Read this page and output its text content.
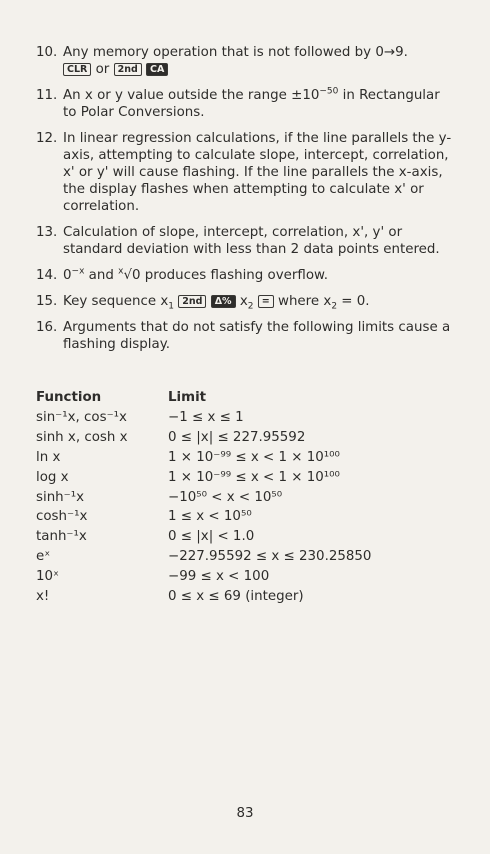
10. Any memory operation that is not followed by 0→9.
CLR or 2nd CA
11. An x or y value outside the range $\pm 10^{-50}$ in Rectangular to Polar Conversions.
12. In linear regression calculations, if the line parallels the y-axis, attempting to calculate slope, intercept, correlation, x' or y' will cause flashing. If the line parallels the x-axis, the display flashes when attempting to calculate x' or correlation.
13. Calculation of slope, intercept, correlation, x', y' or standard deviation with less than 2 data points entered.
14. $0^{-x}$ and $^x$√0 produces flashing overflow.
15. Key sequence $x_1$ 2nd Δ% $x_2$ = where $x_2 = 0$.
16. Arguments that do not satisfy the following limits cause a flashing display.
Function	Limit
sin⁻¹x, cos⁻¹x	−1 ≤ x ≤ 1
sinh x, cosh x	0 ≤ |x| ≤ 227.95592
ln x	1 × 10⁻⁹⁹ ≤ x < 1 × 10¹⁰⁰
log x	1 × 10⁻⁹⁹ ≤ x < 1 × 10¹⁰⁰
sinh⁻¹x	−10⁵⁰ < x < 10⁵⁰
cosh⁻¹x	1 ≤ x < 10⁵⁰
tanh⁻¹x	0 ≤ |x| < 1.0
eˣ	−227.95592 ≤ x ≤ 230.25850
10ˣ	−99 ≤ x < 100
x!	0 ≤ x ≤ 69 (integer)
83
